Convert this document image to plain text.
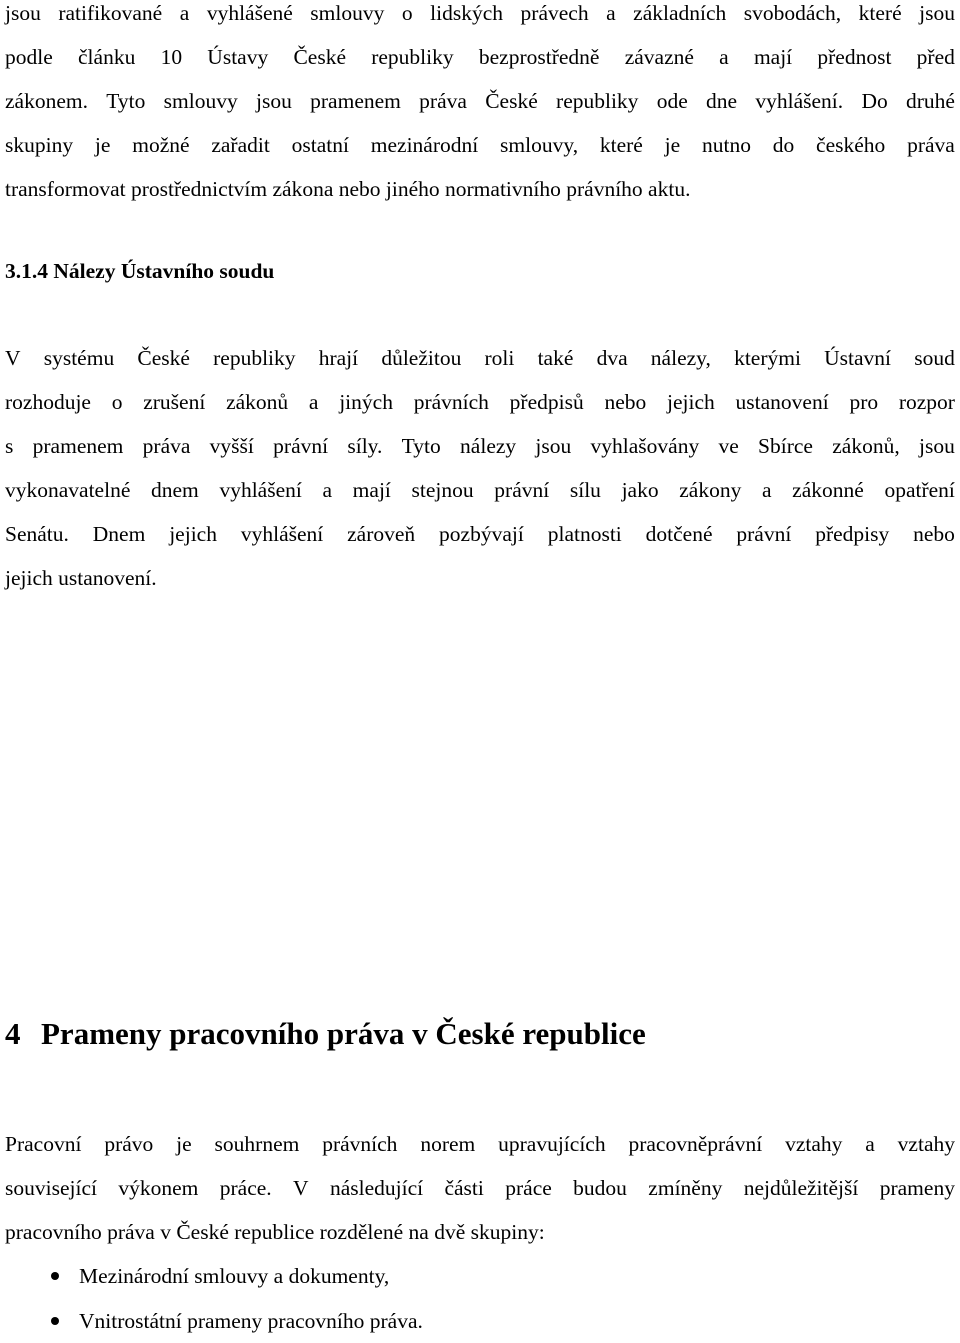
jsou ratifikované a vyhlášené smlouvy o lidských právech a základních svobodách, které jsou
podle článku 10 Ústavy České republiky bezprostředně závazné a mají přednost před
zákonem. Tyto smlouvy jsou pramenem práva České republiky ode dne vyhlášení. Do druhé
skupiny je možné zařadit ostatní mezinárodní smlouvy, které je nutno do českého práva
transformovat prostřednictvím zákona nebo jiného normativního právního aktu.
3.1.4 Nálezy Ústavního soudu
V systému České republiky hrají důležitou roli také dva nálezy, kterými Ústavní soud
rozhoduje o zrušení zákonů a jiných právních předpisů nebo jejich ustanovení pro rozpor
s pramenem práva vyšší právní síly. Tyto nálezy jsou vyhlašovány ve Sbírce zákonů, jsou
vykonavatelné dnem vyhlášení a mají stejnou právní sílu jako zákony a zákonné opatření
Senátu. Dnem jejich vyhlášení zároveň pozbývají platnosti dotčené právní předpisy nebo
jejich ustanovení.
4 Prameny pracovního práva v České republice
Pracovní právo je souhrnem právních norem upravujících pracovněprávní vztahy a vztahy
související výkonem práce. V následující části práce budou zmíněny nejdůležitější prameny
pracovního práva v České republice rozdělené na dvě skupiny:
Mezinárodní smlouvy a dokumenty,
Vnitrostátní prameny pracovního práva.
